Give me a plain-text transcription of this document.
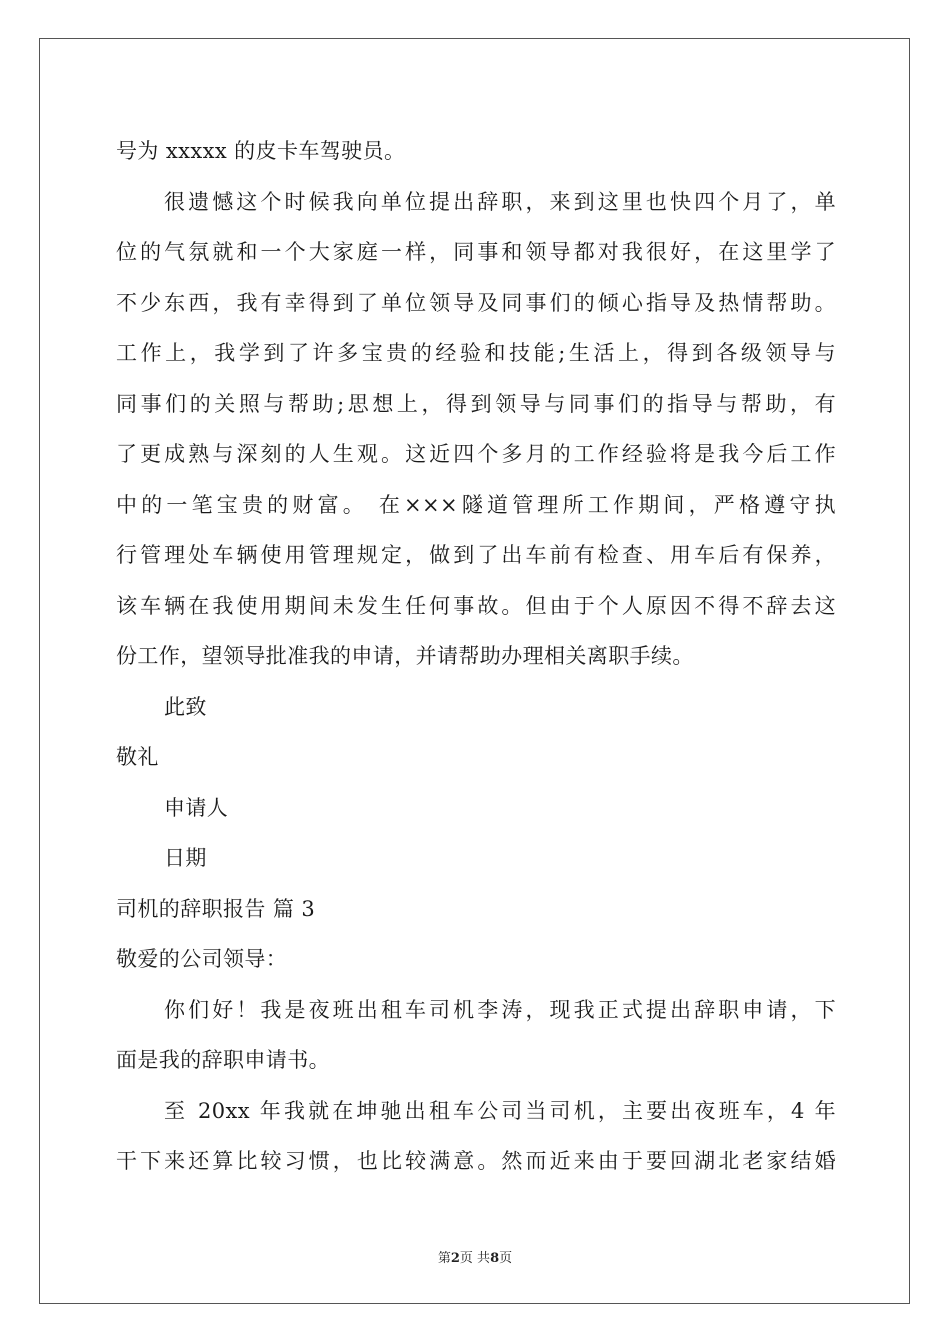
号为 xxxxx 的皮卡车驾驶员。
很遗憾这个时候我向单位提出辞职，来到这里也快四个月了，单
位的气氛就和一个大家庭一样，同事和领导都对我很好，在这里学了
不少东西，我有幸得到了单位领导及同事们的倾心指导及热情帮助。
工作上，我学到了许多宝贵的经验和技能;生活上，得到各级领导与
同事们的关照与帮助;思想上，得到领导与同事们的指导与帮助，有
了更成熟与深刻的人生观。这近四个多月的工作经验将是我今后工作
中的一笔宝贵的财富。 在×××隧道管理所工作期间，严格遵守执
行管理处车辆使用管理规定，做到了出车前有检查、用车后有保养，
该车辆在我使用期间未发生任何事故。但由于个人原因不得不辞去这
份工作，望领导批准我的申请，并请帮助办理相关离职手续。
此致
敬礼
申请人
日期
司机的辞职报告 篇 3
敬爱的公司领导：
你们好！我是夜班出租车司机李涛，现我正式提出辞职申请，下
面是我的辞职申请书。
至 20xx 年我就在坤驰出租车公司当司机，主要出夜班车，4 年
干下来还算比较习惯，也比较满意。然而近来由于要回湖北老家结婚
第2页 共8页
